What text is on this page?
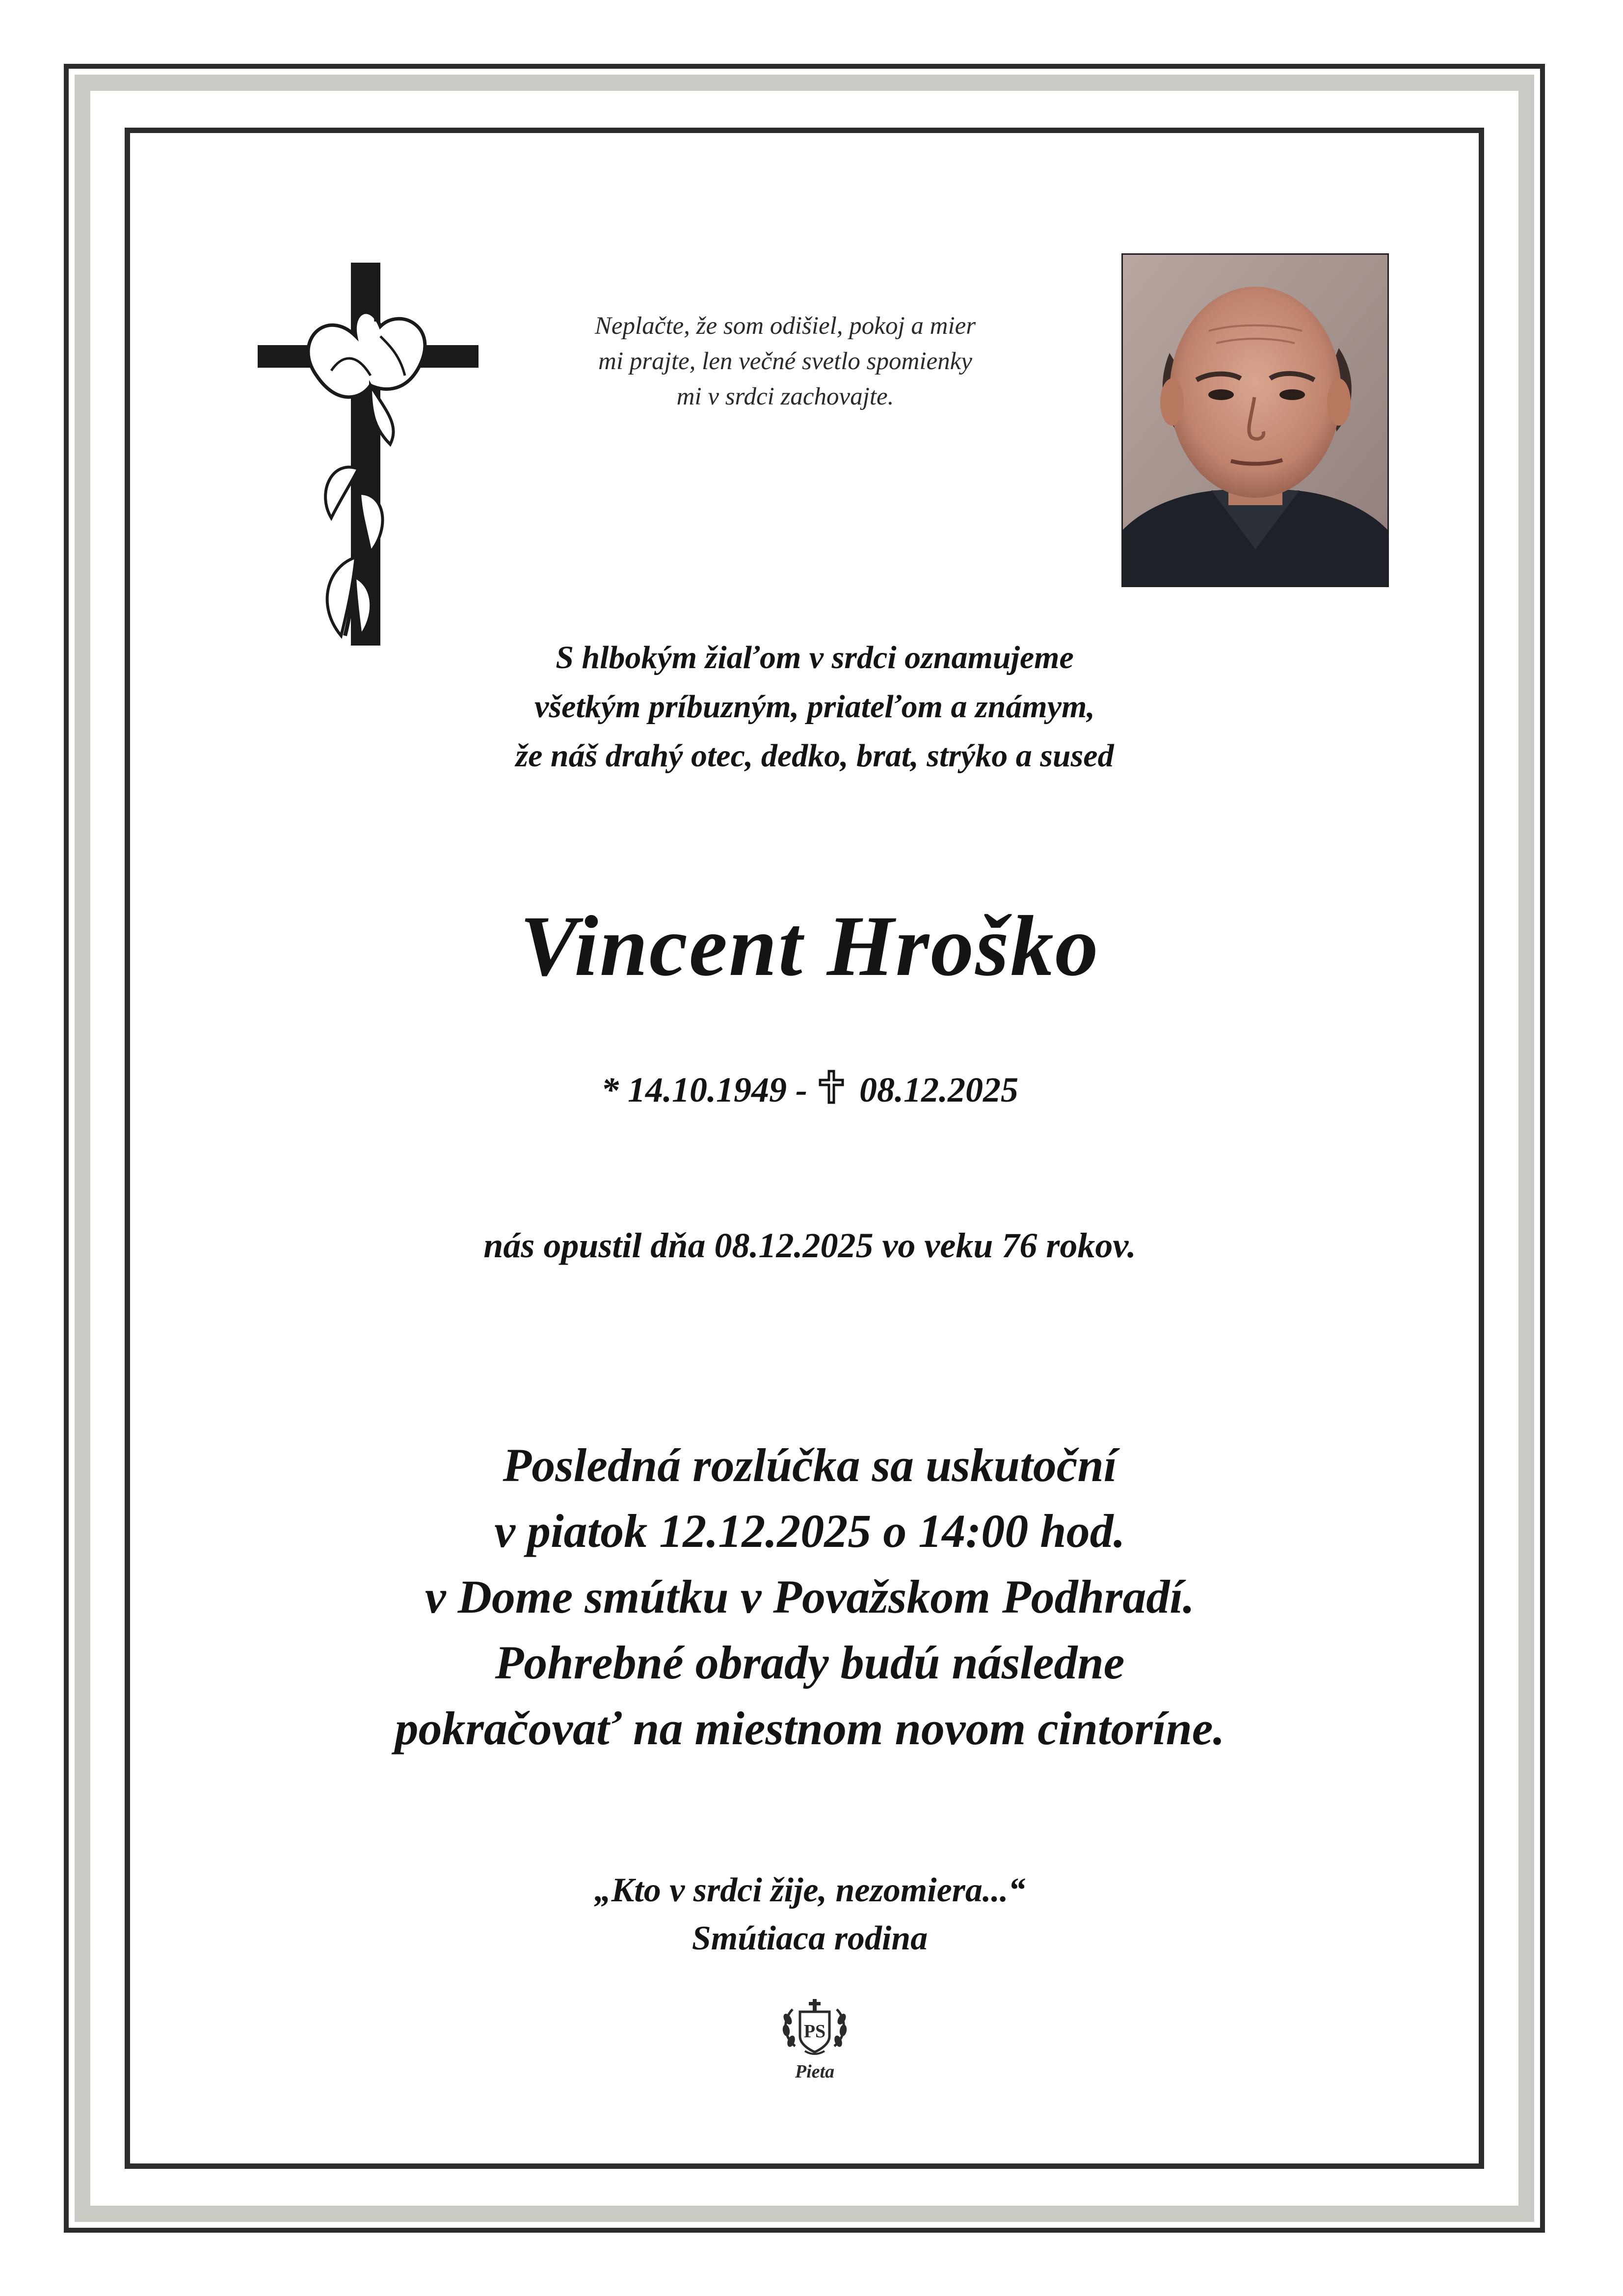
Neplačte, že som odišiel, pokoj a mier
mi prajte, len večné svetlo spomienky
mi v srdci zachovajte.
S hlbokým žiaľom v srdci oznamujeme
všetkým príbuzným, priateľom a známym,
že náš drahý otec, dedko, brat, strýko a sused
Vincent Hroško
* 14.10.1949 - 08.12.2025
nás opustil dňa 08.12.2025 vo veku 76 rokov.
Posledná rozlúčka sa uskutoční
v piatok 12.12.2025 o 14:00 hod.
v Dome smútku v Považskom Podhradí.
Pohrebné obrady budú následne
pokračovať na miestnom novom cintoríne.
„Kto v srdci žije, nezomiera...“
Smútiaca rodina
PS
Pieta
